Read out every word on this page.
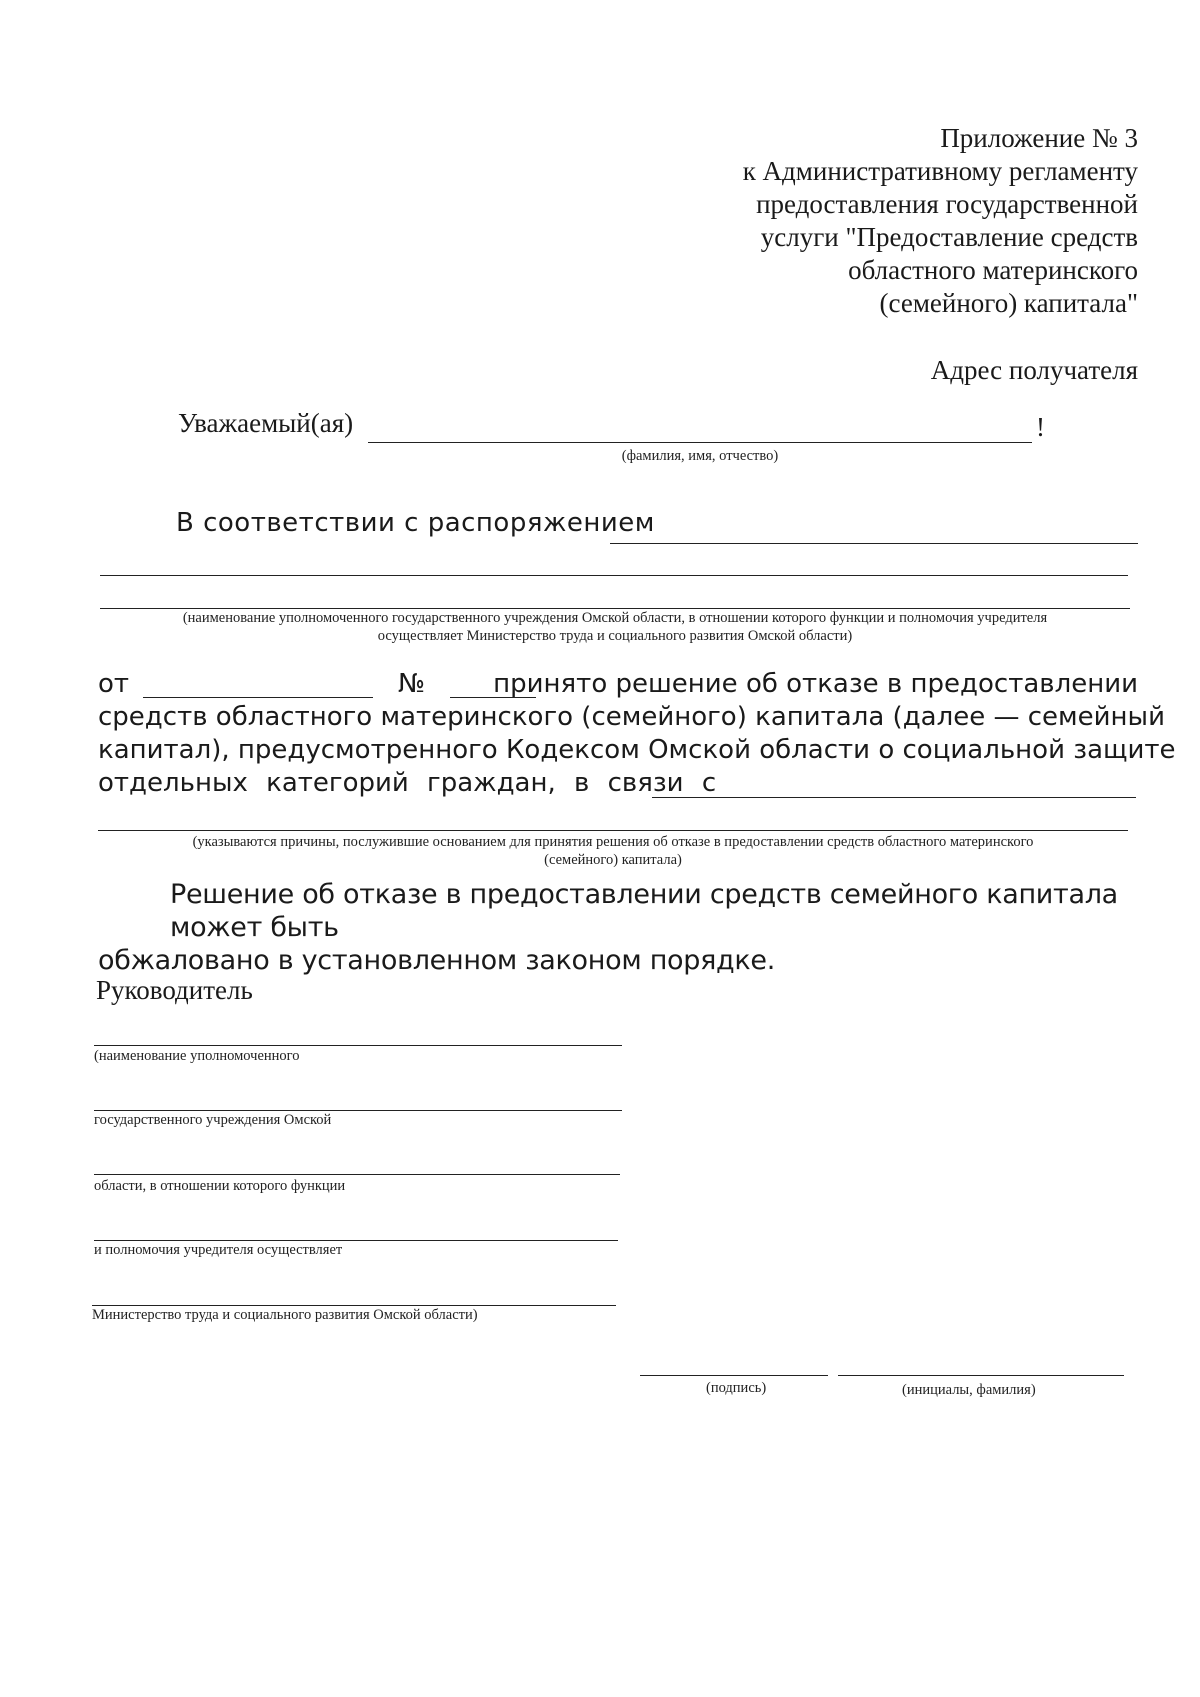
Приложение № 3
к Административному регламенту
предоставления государственной
услуги "Предоставление средств
областного материнского
(семейного) капитала"
Адрес получателя
Уважаемый(ая)	!
(фамилия, имя, отчество)
В соответствии с распоряжением
(наименование уполномоченного государственного учреждения Омской области, в отношении которого функции и полномочия учредителя
осуществляет Министерство труда и социального развития Омской области)
от	№	принято решение об отказе в предоставлении
средств областного материнского (семейного) капитала (далее — семейный
капитал), предусмотренного Кодексом Омской области о социальной защите
отдельных категорий граждан, в связи с
(указываются причины, послужившие основанием для принятия решения об отказе в предоставлении средств областного материнского
(семейного) капитала)
Решение об отказе в предоставлении средств семейного капитала может быть
обжаловано в установленном законом порядке.
Руководитель
(наименование уполномоченного
государственного учреждения Омской
области, в отношении которого функции
и полномочия учредителя осуществляет
Министерство труда и социального развития Омской области)
(подпись)	(инициалы, фамилия)
